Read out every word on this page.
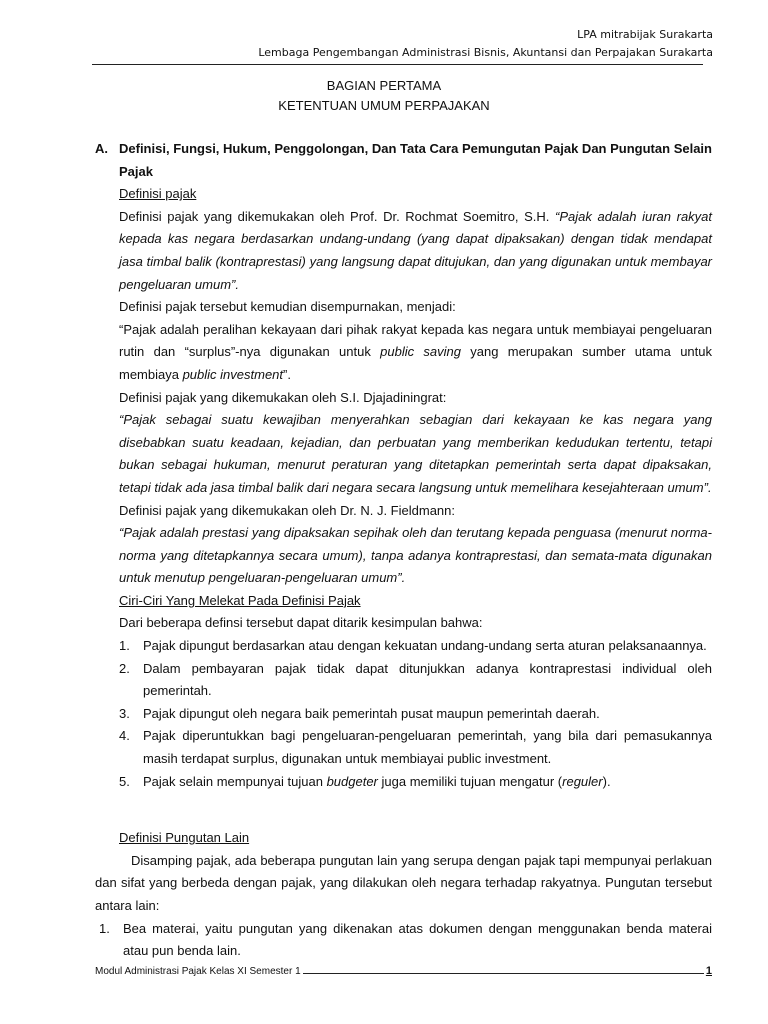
LPA mitrabijak Surakarta
Lembaga Pengembangan Administrasi Bisnis, Akuntansi dan Perpajakan Surakarta
BAGIAN PERTAMA
KETENTUAN UMUM PERPAJAKAN
A. Definisi, Fungsi, Hukum, Penggolongan, Dan Tata Cara Pemungutan Pajak Dan Pungutan Selain Pajak

Definisi pajak

Definisi pajak yang dikemukakan oleh Prof. Dr. Rochmat Soemitro, S.H. “Pajak adalah iuran rakyat kepada kas negara berdasarkan undang-undang (yang dapat dipaksakan) dengan tidak mendapat jasa timbal balik (kontraprestasi) yang langsung dapat ditujukan, dan yang digunakan untuk membayar pengeluaran umum”.

Definisi pajak tersebut kemudian disempurnakan, menjadi:

“Pajak adalah peralihan kekayaan dari pihak rakyat kepada kas negara untuk membiayai pengeluaran rutin dan “surplus”-nya digunakan untuk public saving yang merupakan sumber utama untuk membiaya public investment”.

Definisi pajak yang dikemukakan oleh S.I. Djajadiningrat:

“Pajak sebagai suatu kewajiban menyerahkan sebagian dari kekayaan ke kas negara yang disebabkan suatu keadaan, kejadian, dan perbuatan yang memberikan kedudukan tertentu, tetapi bukan sebagai hukuman, menurut peraturan yang ditetapkan pemerintah serta dapat dipaksakan, tetapi tidak ada jasa timbal balik dari negara secara langsung untuk memelihara kesejahteraan umum”.

Definisi pajak yang dikemukakan oleh Dr. N. J. Fieldmann:

“Pajak adalah prestasi yang dipaksakan sepihak oleh dan terutang kepada penguasa (menurut norma-norma yang ditetapkannya secara umum), tanpa adanya kontraprestasi, dan semata-mata digunakan untuk menutup pengeluaran-pengeluaran umum”.

Ciri-Ciri Yang Melekat Pada Definisi Pajak

Dari beberapa definsi tersebut dapat ditarik kesimpulan bahwa:

1.	Pajak dipungut berdasarkan atau dengan kekuatan undang-undang serta aturan pelaksanaannya.
2.	Dalam pembayaran pajak tidak dapat ditunjukkan adanya kontraprestasi individual oleh pemerintah.
3.	Pajak dipungut oleh negara baik pemerintah pusat maupun pemerintah daerah.
4.	Pajak diperuntukkan bagi pengeluaran-pengeluaran pemerintah, yang bila dari pemasukannya masih terdapat surplus, digunakan untuk membiayai public investment.
5.	Pajak selain mempunyai tujuan budgeter juga memiliki tujuan mengatur (reguler).

Definisi Pungutan Lain

Disamping pajak, ada beberapa pungutan lain yang serupa dengan pajak tapi mempunyai perlakuan dan sifat yang berbeda dengan pajak, yang dilakukan oleh negara terhadap rakyatnya. Pungutan tersebut antara lain:

1.	Bea materai, yaitu pungutan yang dikenakan atas dokumen dengan menggunakan benda materai atau pun benda lain.
Modul Administrasi Pajak Kelas XI Semester 1	1
